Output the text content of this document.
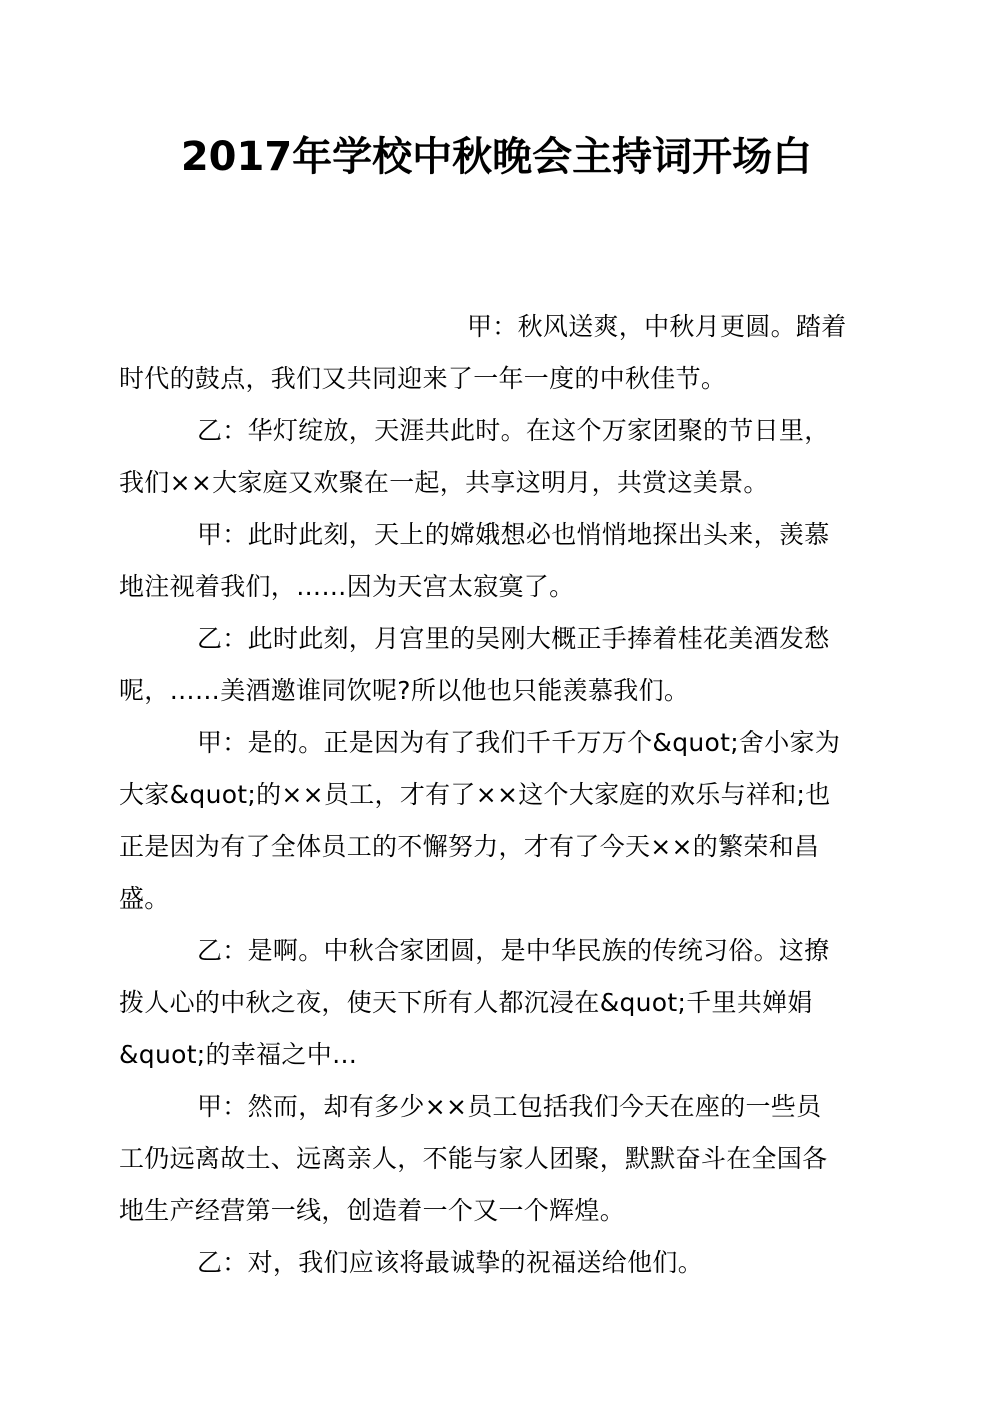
2017年学校中秋晚会主持词开场白
甲：秋风送爽，中秋月更圆。踏着
时代的鼓点，我们又共同迎来了一年一度的中秋佳节。
乙：华灯绽放，天涯共此时。在这个万家团聚的节日里，
我们××大家庭又欢聚在一起，共享这明月，共赏这美景。
甲：此时此刻，天上的嫦娥想必也悄悄地探出头来，羡慕
地注视着我们，……因为天宫太寂寞了。
乙：此时此刻，月宫里的吴刚大概正手捧着桂花美酒发愁
呢，……美酒邀谁同饮呢?所以他也只能羡慕我们。
甲：是的。正是因为有了我们千千万万个&quot;舍小家为
大家&quot;的××员工，才有了××这个大家庭的欢乐与祥和;也
正是因为有了全体员工的不懈努力，才有了今天××的繁荣和昌
盛。
乙：是啊。中秋合家团圆，是中华民族的传统习俗。这撩
拨人心的中秋之夜，使天下所有人都沉浸在&quot;千里共婵娟
&quot;的幸福之中…
甲：然而，却有多少××员工包括我们今天在座的一些员
工仍远离故土、远离亲人，不能与家人团聚，默默奋斗在全国各
地生产经营第一线，创造着一个又一个辉煌。
乙：对，我们应该将最诚挚的祝福送给他们。
